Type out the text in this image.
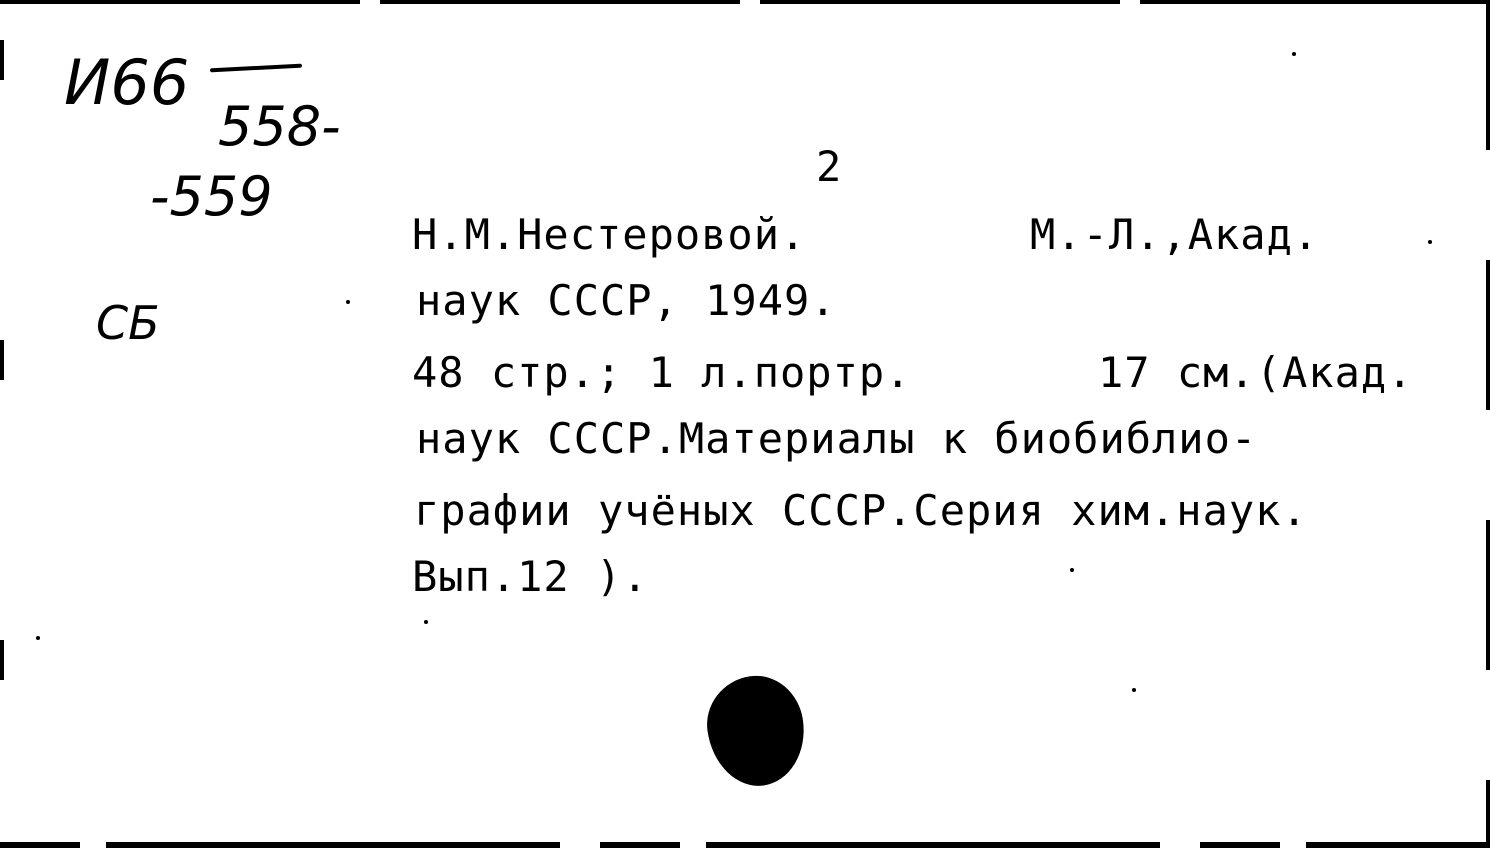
И66
558-
-559
СБ
2
Н.М.Нестеровой.	М.-Л.,Акад.
наук СССР, 1949.
48 стр.; 1 л.портр.	17 см.(Акад.
наук СССР.Материалы к биобиблио-
графии учёных СССР.Серия хим.наук.
Вып.12 ).
